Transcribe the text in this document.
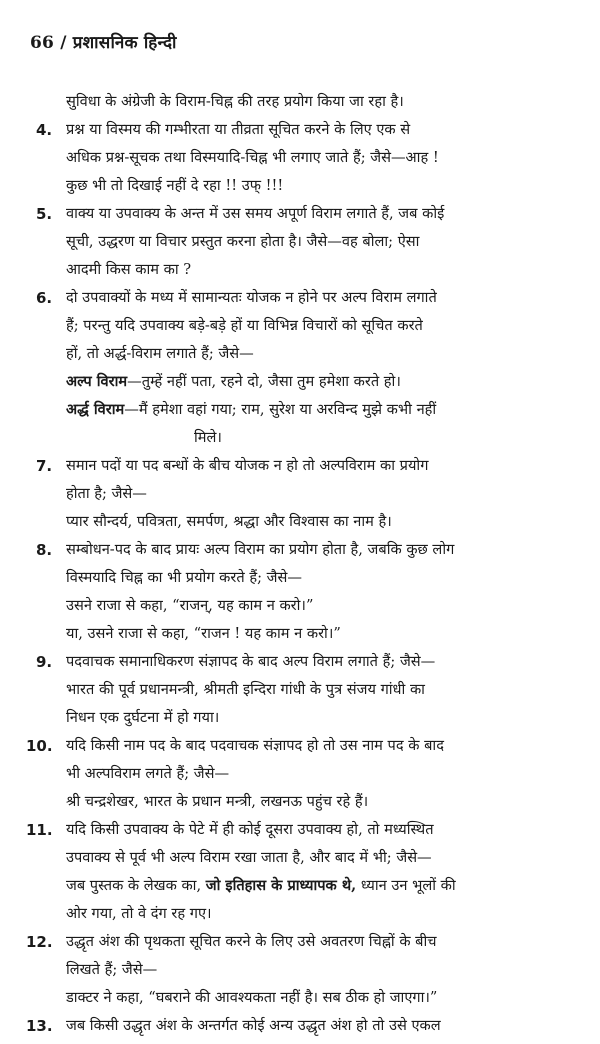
66 / प्रशासनिक हिन्दी
सुविधा के अंग्रेजी के विराम-चिह्न की तरह प्रयोग किया जा रहा है।
4. प्रश्न या विस्मय की गम्भीरता या तीव्रता सूचित करने के लिए एक से
अधिक प्रश्न-सूचक तथा विस्मयादि-चिह्न भी लगाए जाते हैं; जैसे—आह !
कुछ भी तो दिखाई नहीं दे रहा !! उफ् !!!
5. वाक्य या उपवाक्य के अन्त में उस समय अपूर्ण विराम लगाते हैं, जब कोई
सूची, उद्धरण या विचार प्रस्तुत करना होता है। जैसे—वह बोला; ऐसा
आदमी किस काम का ?
6. दो उपवाक्यों के मध्य में सामान्यतः योजक न होने पर अल्प विराम लगाते
हैं; परन्तु यदि उपवाक्य बड़े-बड़े हों या विभिन्न विचारों को सूचित करते
हों, तो अर्द्ध-विराम लगाते हैं; जैसे—
अल्प विराम—तुम्हें नहीं पता, रहने दो, जैसा तुम हमेशा करते हो।
अर्द्ध विराम—मैं हमेशा वहां गया; राम, सुरेश या अरविन्द मुझे कभी नहीं
मिले।
7. समान पदों या पद बन्धों के बीच योजक न हो तो अल्पविराम का प्रयोग
होता है; जैसे—
प्यार सौन्दर्य, पवित्रता, समर्पण, श्रद्धा और विश्वास का नाम है।
8. सम्बोधन-पद के बाद प्रायः अल्प विराम का प्रयोग होता है, जबकि कुछ लोग
विस्मयादि चिह्न का भी प्रयोग करते हैं; जैसे—
उसने राजा से कहा, “राजन्, यह काम न करो।”
या, उसने राजा से कहा, “राजन ! यह काम न करो।”
9. पदवाचक समानाधिकरण संज्ञापद के बाद अल्प विराम लगाते हैं; जैसे—
भारत की पूर्व प्रधानमन्त्री, श्रीमती इन्दिरा गांधी के पुत्र संजय गांधी का
निधन एक दुर्घटना में हो गया।
10. यदि किसी नाम पद के बाद पदवाचक संज्ञापद हो तो उस नाम पद के बाद
भी अल्पविराम लगते हैं; जैसे—
श्री चन्द्रशेखर, भारत के प्रधान मन्त्री, लखनऊ पहुंच रहे हैं।
11. यदि किसी उपवाक्य के पेटे में ही कोई दूसरा उपवाक्य हो, तो मध्यस्थित
उपवाक्य से पूर्व भी अल्प विराम रखा जाता है, और बाद में भी; जैसे—
जब पुस्तक के लेखक का, जो इतिहास के प्राध्यापक थे, ध्यान उन भूलों की
ओर गया, तो वे दंग रह गए।
12. उद्धृत अंश की पृथकता सूचित करने के लिए उसे अवतरण चिह्नों के बीच
लिखते हैं; जैसे—
डाक्टर ने कहा, “घबराने की आवश्यकता नहीं है। सब ठीक हो जाएगा।”
13. जब किसी उद्धृत अंश के अन्तर्गत कोई अन्य उद्धृत अंश हो तो उसे एकल
